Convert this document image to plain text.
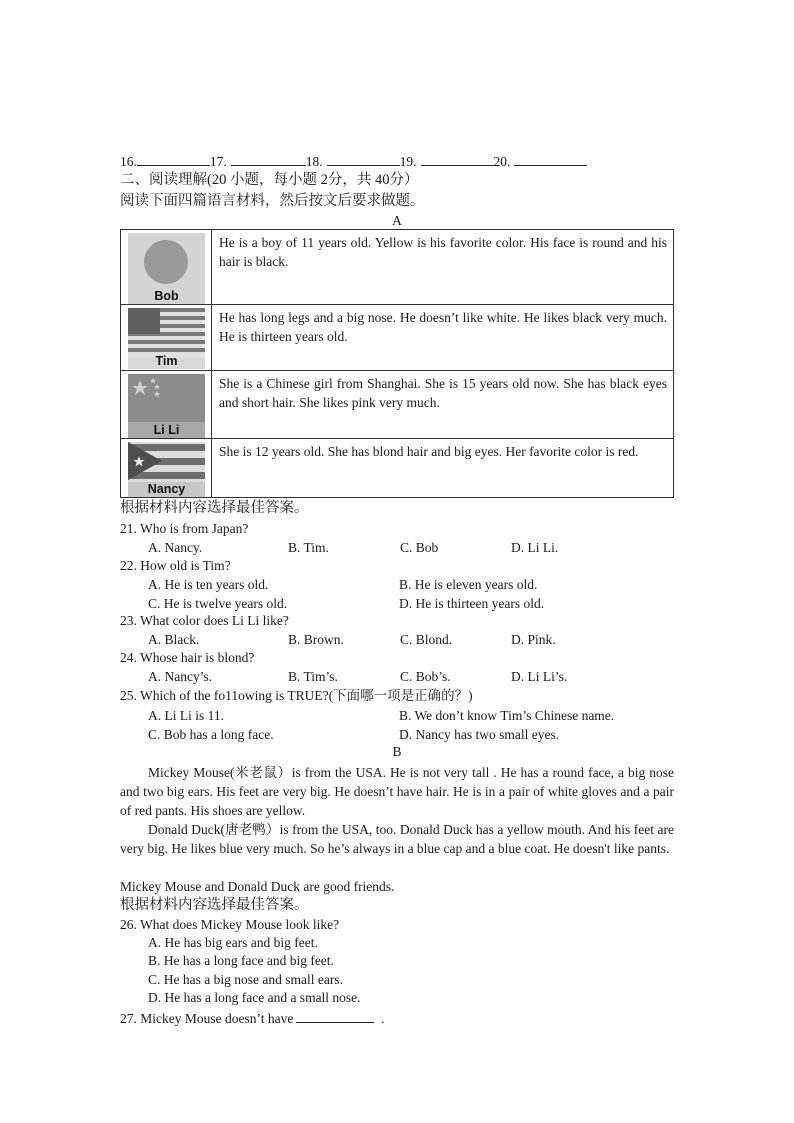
16.	17.	18.	19.	20.
二、阅读理解(20 小题，每小题 2分，共 40分）
阅读下面四篇语言材料，然后按文后要求做题。
A
Bob	He is a boy of 11 years old. Yellow is his favorite color. His face is round and his hair is black.

Tim	He has long legs and a big nose. He doesn’t like white. He likes black very much. He is thirteen years old.

Li Li	She is a Chinese girl from Shanghai. She is 15 years old now. She has black eyes and short hair. She likes pink very much.

Nancy	She is 12 years old. She has blond hair and big eyes. Her favorite color is red.
根据材料内容选择最佳答案。
21. Who is from Japan?
A. Nancy.	B. Tim.	C. Bob	D. Li Li.
22. How old is Tim?
A. He is ten years old.	B. He is eleven years old.
C. He is twelve years old.	D. He is thirteen years old.
23. What color does Li Li like?
A. Black.	B. Brown.	C. Blond.	D. Pink.
24. Whose hair is blond?
A. Nancy’s.	B. Tim’s.	C. Bob’s.	D. Li Li’s.
25. Which of the fo11owing is TRUE?(下面哪一项是正确的？)
A. Li Li is 11.	B. We don’t know Tim’s Chinese name.
C. Bob has a long face.	D. Nancy has two small eyes.
B
Mickey Mouse(米老鼠）is from the USA. He is not very tall . He has a round face, a big nose and two big ears. His feet are very big. He doesn’t have hair. He is in a pair of white gloves and a pair of red pants. His shoes are yellow.
Donald Duck(唐老鸭）is from the USA, too. Donald Duck has a yellow mouth. And his feet are very big. He likes blue very much. So he’s always in a blue cap and a blue coat. He doesn't like pants.
Mickey Mouse and Donald Duck are good friends.
根据材料内容选择最佳答案。
26. What does Mickey Mouse look like?
A. He has big ears and big feet.
B. He has a long face and big feet.
C. He has a big nose and small ears.
D. He has a long face and a small nose.
27. Mickey Mouse doesn’t have	.
